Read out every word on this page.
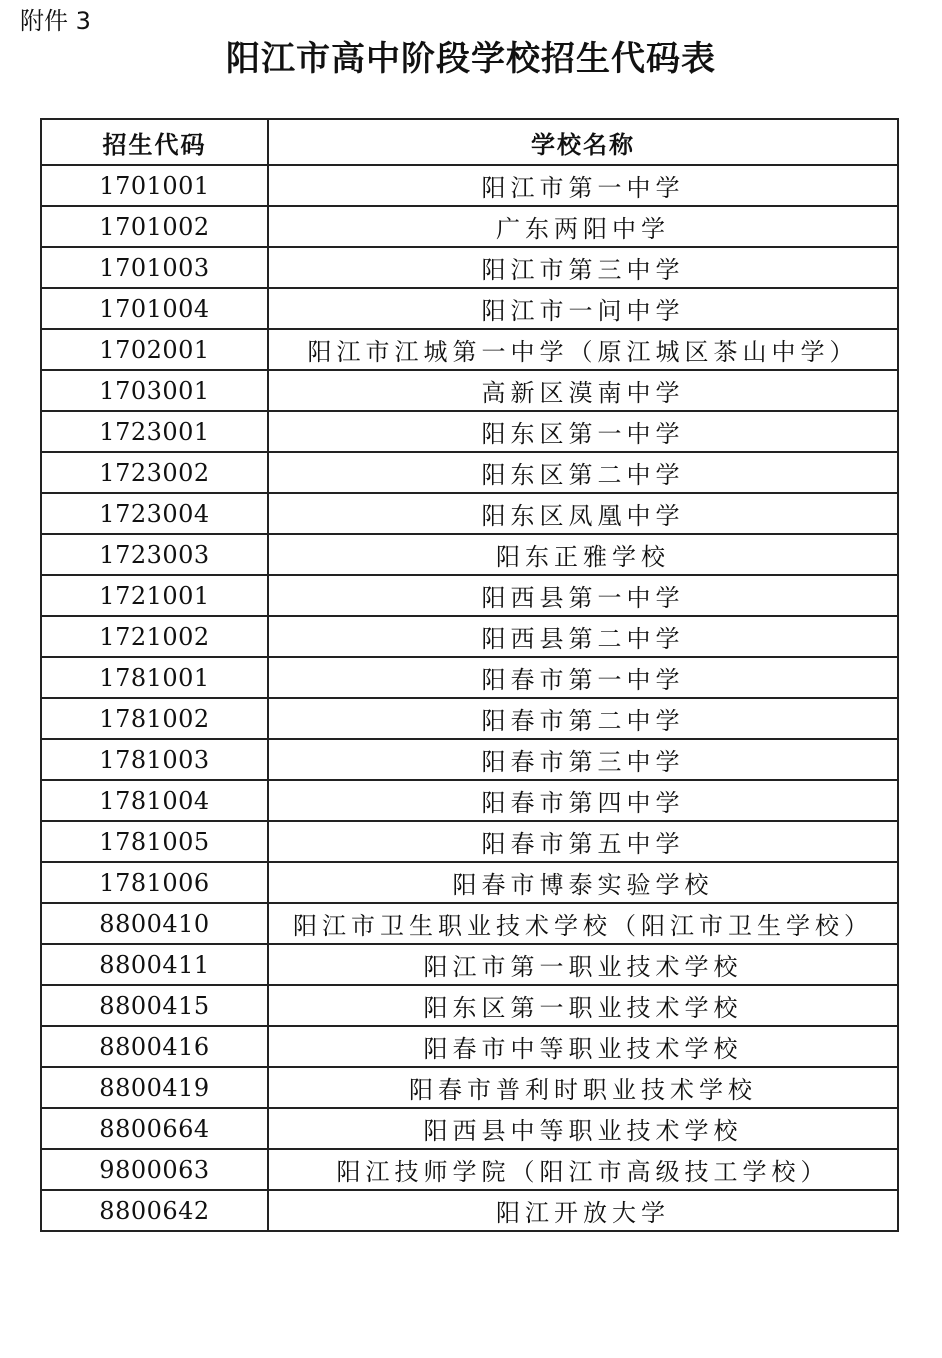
附件 3
阳江市高中阶段学校招生代码表
招生代码	学校名称
1701001	阳江市第一中学
1701002	广东两阳中学
1701003	阳江市第三中学
1701004	阳江市一问中学
1702001	阳江市江城第一中学（原江城区茶山中学）
1703001	高新区漠南中学
1723001	阳东区第一中学
1723002	阳东区第二中学
1723004	阳东区凤凰中学
1723003	阳东正雅学校
1721001	阳西县第一中学
1721002	阳西县第二中学
1781001	阳春市第一中学
1781002	阳春市第二中学
1781003	阳春市第三中学
1781004	阳春市第四中学
1781005	阳春市第五中学
1781006	阳春市博泰实验学校
8800410	阳江市卫生职业技术学校（阳江市卫生学校）
8800411	阳江市第一职业技术学校
8800415	阳东区第一职业技术学校
8800416	阳春市中等职业技术学校
8800419	阳春市普利时职业技术学校
8800664	阳西县中等职业技术学校
9800063	阳江技师学院（阳江市高级技工学校）
8800642	阳江开放大学
